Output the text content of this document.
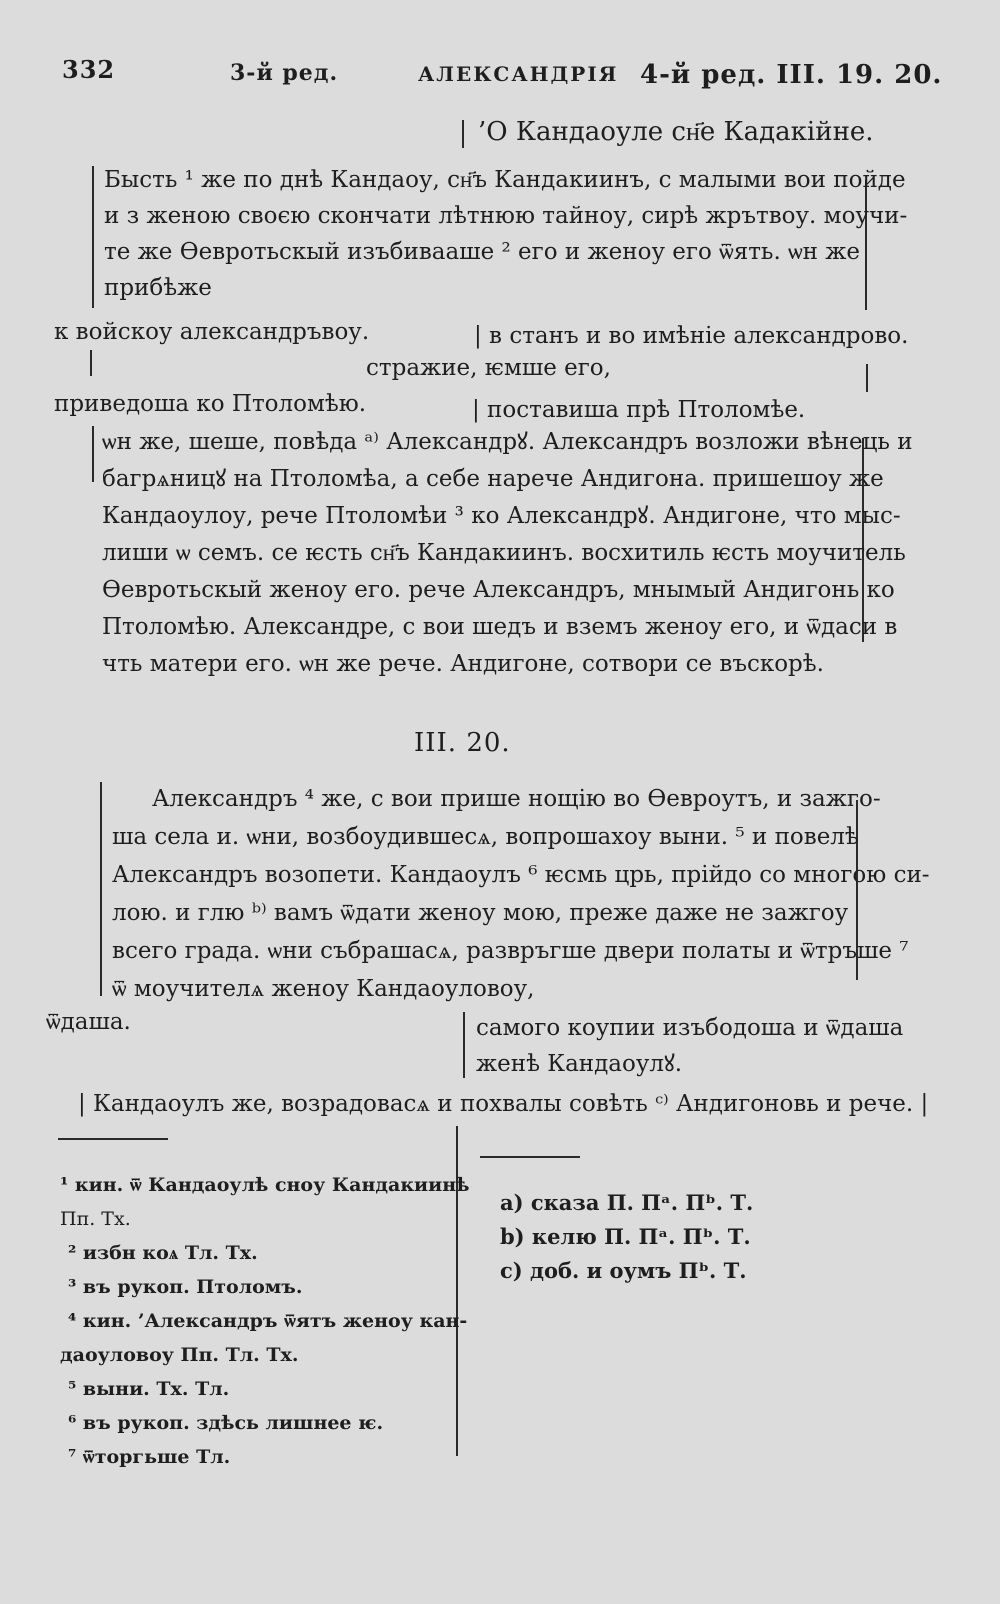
332	3-й ред.	АЛЕКСАНДРІЯ 4-й ред. III. 19. 20.
’О Кандаоуле сн҃е Кадакійне.
Бысть ¹ же по днѣ Кандаоу, сн҃ъ Кандакиинъ, с малыми вои пойде
и з женою своєю скончати лѣтнюю тайноу, сирѣ жрътвоу. моучи-
те же Ѳевротьскый изъбивааше ² его и женоу его ѿять. ѡн же
прибѣже
к войскоу александръвоу.	| в станъ и во имѣніе александрово.
стражие, ѥмше его,
приведоша ко Птоломѣю.	| поставиша прѣ Птоломѣе.
ѡн же, шеше, повѣда ᵃ⁾ Александрꙋ. Александръ возложи вѣнець и
багрѧницꙋ на Птоломѣа, а себе нарече Андигона. пришешоу же
Кандаоулоу, рече Птоломѣи ³ ко Александрꙋ. Андигоне, что мыс-
лиши ѡ семъ. се ѥсть сн҃ъ Кандакиинъ. восхитиль ѥсть моучитель
Ѳевротьскый женоу его. рече Александръ, мнымый Андигонь ко
Птоломѣю. Александре, с вои шедъ и вземъ женоу его, и ѿдаси в
чть матери его. ѡн же рече. Андигоне, сотвори се въскорѣ.
III. 20.
Александръ ⁴ же, с вои прише нощію во Ѳевроутъ, и зажго-
ша села и. ѡни, возбоудившесѧ, вопрошахоу выни. ⁵ и повелѣ
Александръ возопети. Кандаоулъ ⁶ ѥсмь црь, прійдо со многою си-
лою. и глю ᵇ⁾ вамъ ѿдати женоу мою, преже даже не зажгоу
всего града. ѡни събрашасѧ, развръгше двери полаты и ѿтръше ⁷
ѿ моучителѧ женоу Кандаоуловоу,
ѿдаша.	самого коупии изъбодоша и ѿдаша
женѣ Кандаоулꙋ.
| Кандаоулъ же, возрадовасѧ и похвалы совѣть ᶜ⁾ Андигоновь и рече. |
¹ кин. ѿ Кандаоулѣ сноу Кандакиинѣ
Пп. Тх.
² избн коѧ Тл. Тх.
³ въ рукоп. Птоломъ.
⁴ кин. ’Александръ ѿятъ женоу кан-
даоуловоу Пп. Тл. Тх.
⁵ выни. Тх. Тл.
⁶ въ рукоп. здѣсь лишнее ѥ.
⁷ ѿторгьше Тл.
a) сказа П. Пᵃ. Пᵇ. Т.
b) келю П. Пᵃ. Пᵇ. Т.
c) доб. и оумъ Пᵇ. Т.
